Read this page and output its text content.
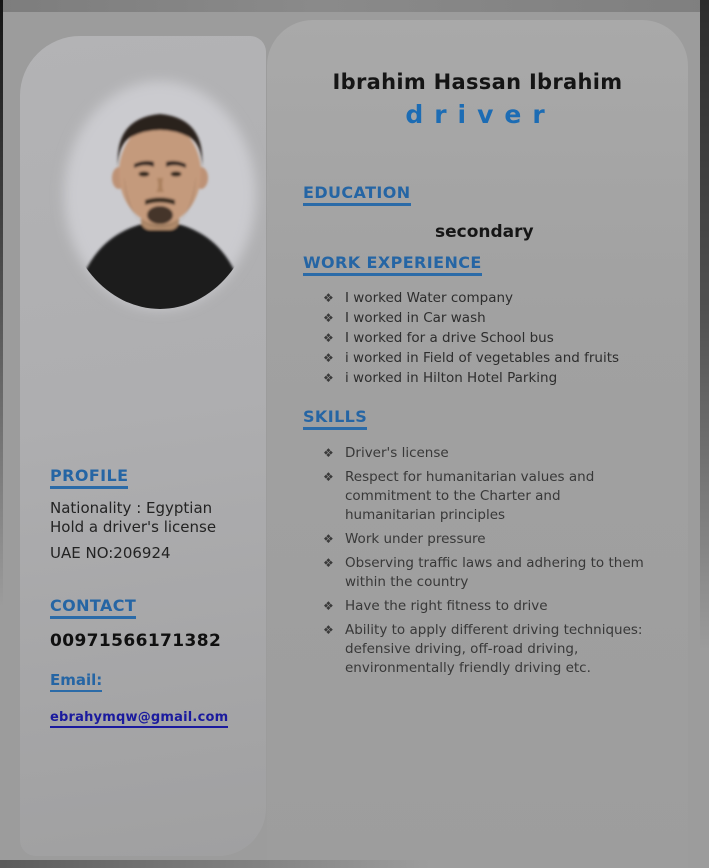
PROFILE
Nationality : Egyptian
Hold a driver's license
UAE NO:206924
CONTACT
00971566171382
Email:
ebrahymqw@gmail.com
Ibrahim Hassan Ibrahim
driver
EDUCATION
secondary
WORK EXPERIENCE
❖ I worked Water company
❖ I worked in Car wash
❖ I worked for a drive School bus
❖ i worked in Field of vegetables and fruits
❖ i worked in Hilton Hotel Parking
SKILLS
❖ Driver's license
❖ Respect for humanitarian values and
commitment to the Charter and
humanitarian principles
❖ Work under pressure
❖ Observing traffic laws and adhering to them
within the country
❖ Have the right fitness to drive
❖ Ability to apply different driving techniques:
defensive driving, off-road driving,
environmentally friendly driving etc.
